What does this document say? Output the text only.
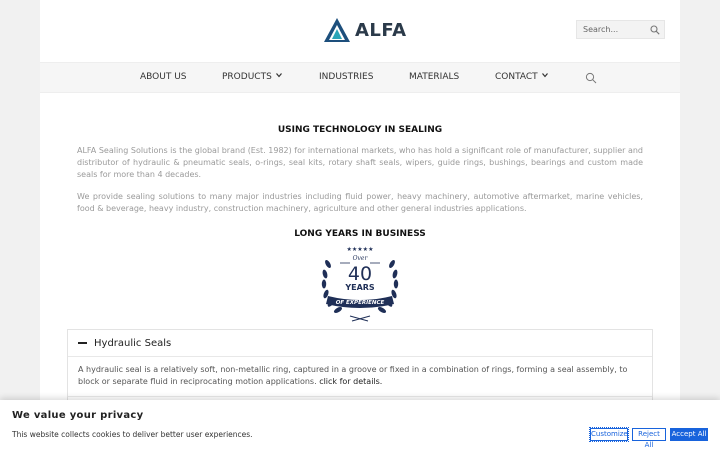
ALFA
Search...
ABOUT US	PRODUCTS	INDUSTRIES	MATERIALS	CONTACT
USING TECHNOLOGY IN SEALING

ALFA Sealing Solutions is the global brand (Est. 1982) for international markets, who has hold a significant role of manufacturer, supplier and distributor of hydraulic & pneumatic seals, o-rings, seal kits, rotary shaft seals, wipers, guide rings, bushings, bearings and custom made seals for more than 4 decades.

We provide sealing solutions to many major industries including fluid power, heavy machinery, automotive aftermarket, marine vehicles, food & beverage, heavy industry, construction machinery, agriculture and other general industries applications.

LONG YEARS IN BUSINESS
★★★★★
Over
40
YEARS
OF EXPERIENCE
Hydraulic Seals
A hydraulic seal is a relatively soft, non-metallic ring, captured in a groove or fixed in a combination of rings, forming a seal assembly, to block or separate fluid in reciprocating motion applications. click for details.
We value your privacy
This website collects cookies to deliver better user experiences.	Customize	Reject All
Accept All
